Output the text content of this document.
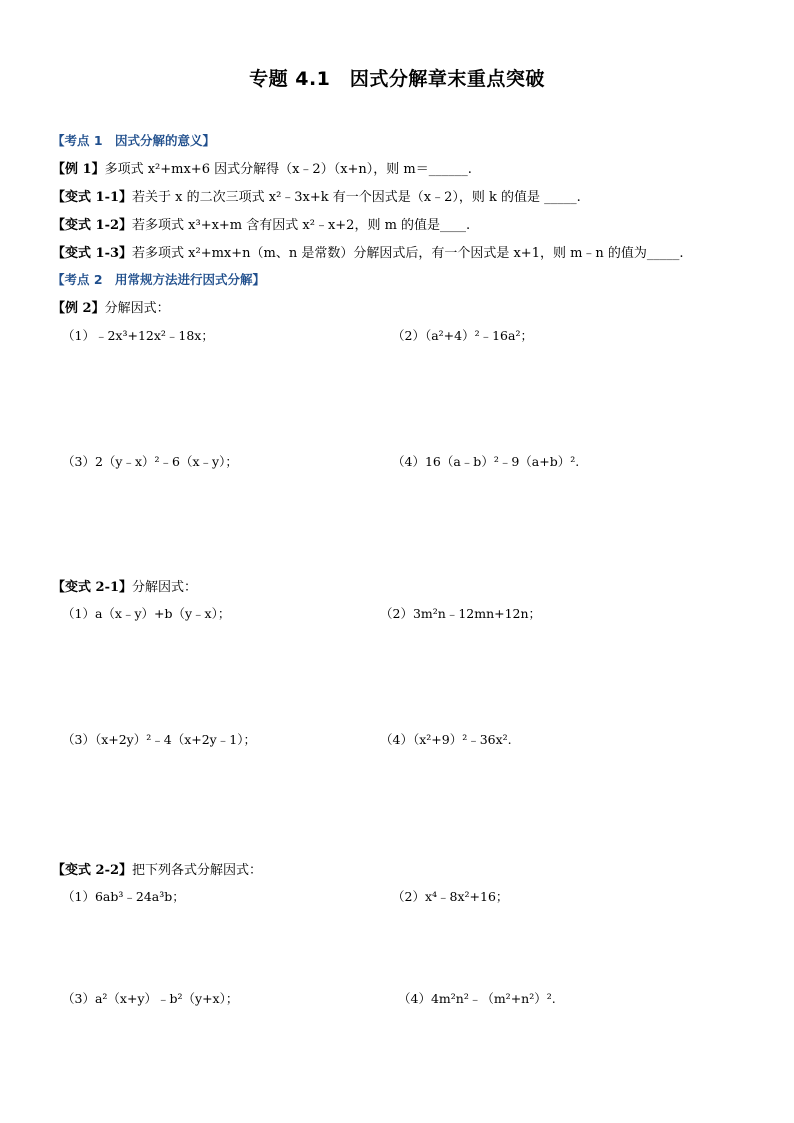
专题 4.1　因式分解章末重点突破
【考点 1　因式分解的意义】
【例 1】多项式 x²+mx+6 因式分解得（x﹣2）（x+n），则 m＝______.
【变式 1-1】若关于 x 的二次三项式 x²﹣3x+k 有一个因式是（x﹣2），则 k 的值是 _____.
【变式 1-2】若多项式 x³+x+m 含有因式 x²﹣x+2，则 m 的值是____.
【变式 1-3】若多项式 x²+mx+n（m、n 是常数）分解因式后，有一个因式是 x+1，则 m﹣n 的值为_____.
【考点 2　用常规方法进行因式分解】
【例 2】分解因式：
（1）﹣2x³+12x²﹣18x；	（2）（a²+4）²﹣16a²；
（3）2（y﹣x）²﹣6（x﹣y）；	（4）16（a﹣b）²﹣9（a+b）².
【变式 2-1】分解因式：
（1）a（x﹣y）+b（y﹣x）；	（2）3m²n﹣12mn+12n；
（3）（x+2y）²﹣4（x+2y﹣1）；	（4）（x²+9）²﹣36x².
【变式 2-2】把下列各式分解因式：
（1）6ab³﹣24a³b；	（2）x⁴﹣8x²+16；
（3）a²（x+y）﹣b²（y+x）；	（4）4m²n²﹣（m²+n²）².
